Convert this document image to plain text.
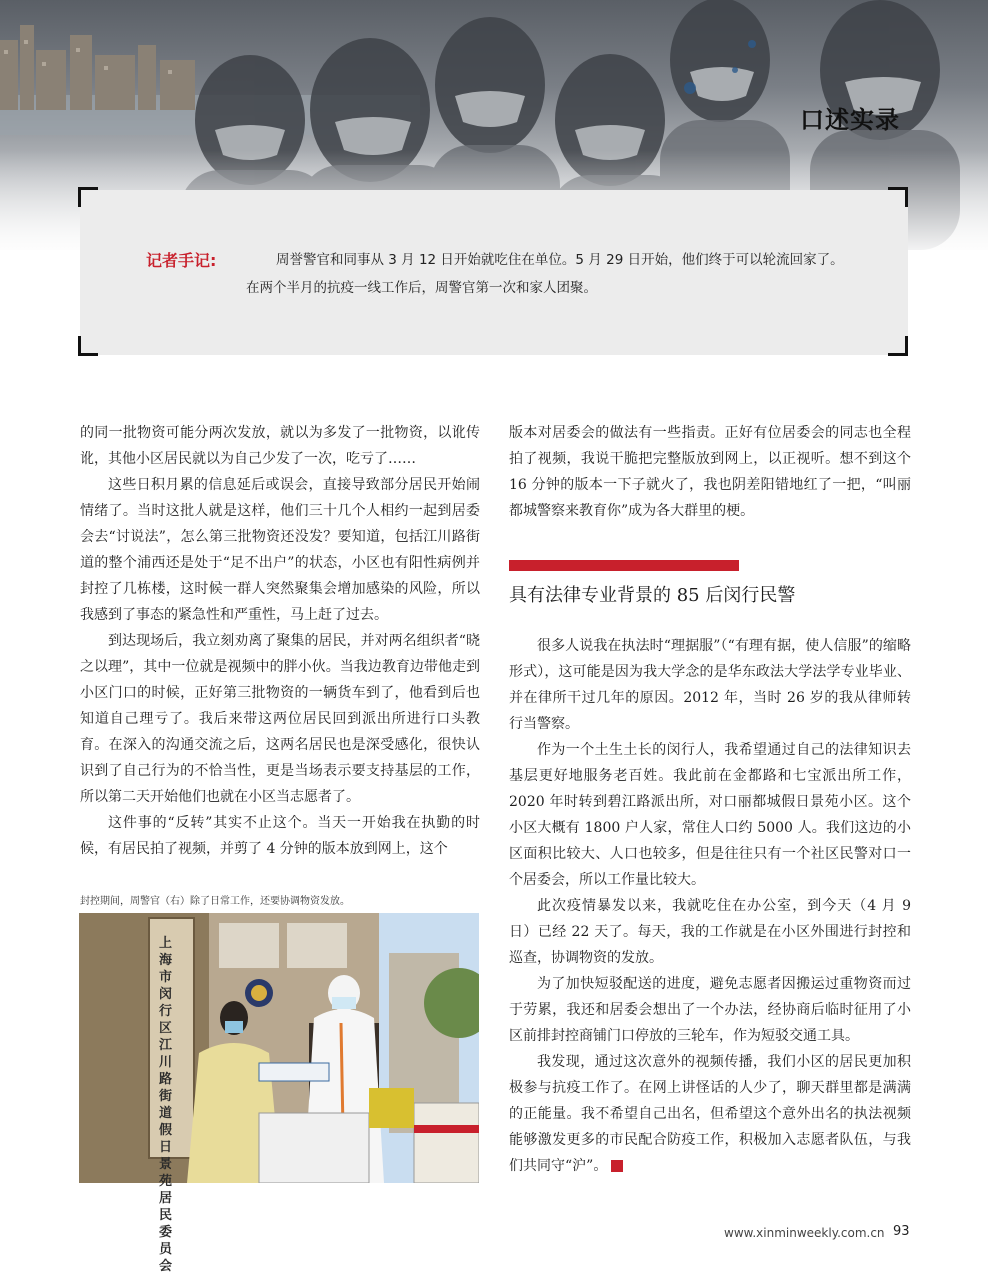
口述实录
记者手记:	周誉警官和同事从 3 月 12 日开始就吃住在单位。5 月 29 日开始，他们终于可以轮流回家了。
在两个半月的抗疫一线工作后，周警官第一次和家人团聚。

的同一批物资可能分两次发放，就以为多发了一批物资，以讹传讹，其他小区居民就以为自己少发了一次，吃亏了……

这些日积月累的信息延后或误会，直接导致部分居民开始闹情绪了。当时这批人就是这样，他们三十几个人相约一起到居委会去“讨说法”，怎么第三批物资还没发？要知道，包括江川路街道的整个浦西还是处于“足不出户”的状态，小区也有阳性病例并封控了几栋楼，这时候一群人突然聚集会增加感染的风险，所以我感到了事态的紧急性和严重性，马上赶了过去。

到达现场后，我立刻劝离了聚集的居民，并对两名组织者“晓之以理”，其中一位就是视频中的胖小伙。当我边教育边带他走到小区门口的时候，正好第三批物资的一辆货车到了，他看到后也知道自己理亏了。我后来带这两位居民回到派出所进行口头教育。在深入的沟通交流之后，这两名居民也是深受感化，很快认识到了自己行为的不恰当性，更是当场表示要支持基层的工作，所以第二天开始他们也就在小区当志愿者了。

这件事的“反转”其实不止这个。当天一开始我在执勤的时候，有居民拍了视频，并剪了 4 分钟的版本放到网上，这个

版本对居委会的做法有一些指责。正好有位居委会的同志也全程拍了视频，我说干脆把完整版放到网上，以正视听。想不到这个 16 分钟的版本一下子就火了，我也阴差阳错地红了一把，“叫丽都城警察来教育你”成为各大群里的梗。

具有法律专业背景的 85 后闵行民警

很多人说我在执法时“理据服”（“有理有据，使人信服”的缩略形式），这可能是因为我大学念的是华东政法大学法学专业毕业、并在律所干过几年的原因。2012 年，当时 26 岁的我从律师转行当警察。

作为一个土生土长的闵行人，我希望通过自己的法律知识去基层更好地服务老百姓。我此前在金都路和七宝派出所工作，2020 年时转到碧江路派出所，对口丽都城假日景苑小区。这个小区大概有 1800 户人家，常住人口约 5000 人。我们这边的小区面积比较大、人口也较多，但是往往只有一个社区民警对口一个居委会，所以工作量比较大。

此次疫情暴发以来，我就吃住在办公室，到今天（4 月 9 日）已经 22 天了。每天，我的工作就是在小区外围进行封控和巡查，协调物资的发放。

为了加快短驳配送的进度，避免志愿者因搬运过重物资而过于劳累，我还和居委会想出了一个办法，经协商后临时征用了小区前排封控商铺门口停放的三轮车，作为短驳交通工具。

我发现，通过这次意外的视频传播，我们小区的居民更加积极参与抗疫工作了。在网上讲怪话的人少了，聊天群里都是满满的正能量。我不希望自己出名，但希望这个意外出名的执法视频能够激发更多的市民配合防疫工作，积极加入志愿者队伍，与我们共同守“沪”。	民

封控期间，周警官（右）除了日常工作，还要协调物资发放。
上海市闵行区江川路街道假日景苑居民委员会
www.xinminweekly.com.cn 93
